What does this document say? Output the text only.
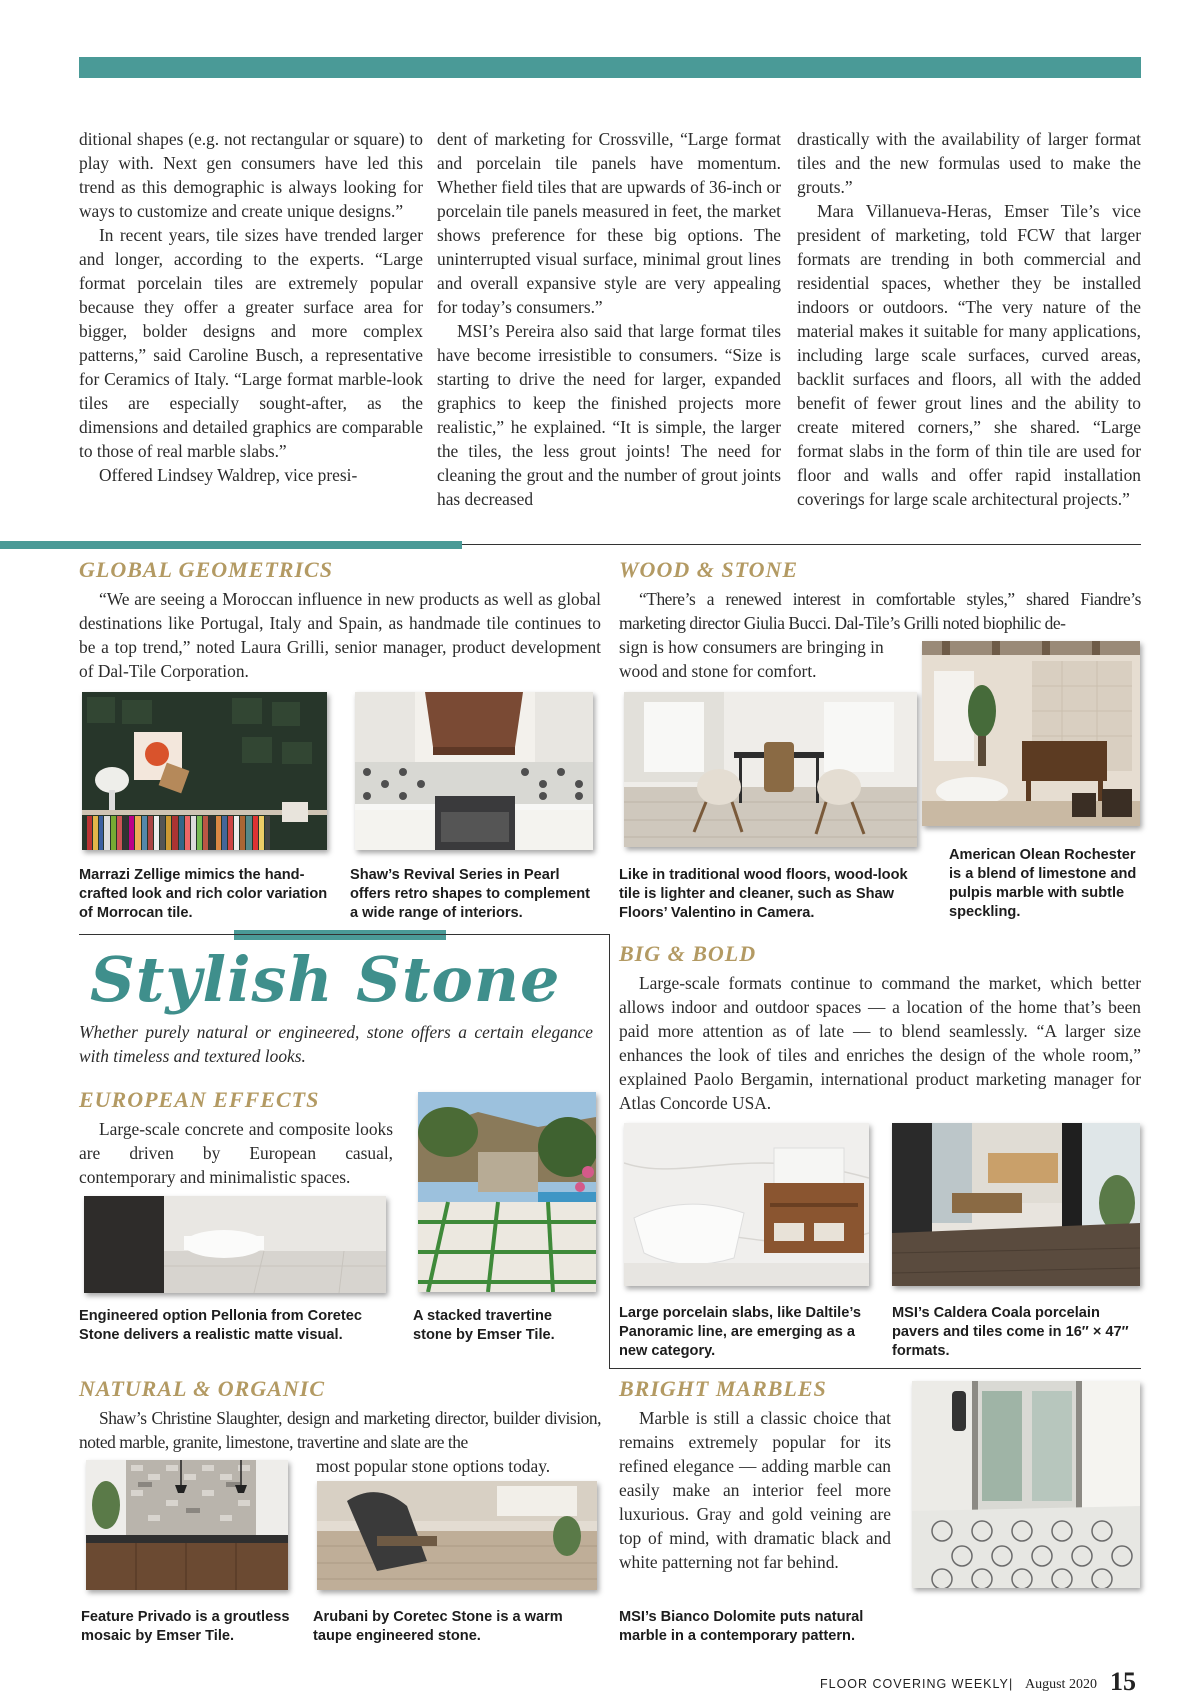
ditional shapes (e.g. not rectangular or square) to play with. Next gen consumers have led this trend as this demographic is always looking for ways to customize and create unique designs.”

In recent years, tile sizes have trended larger and longer, according to the experts. “Large format porcelain tiles are extremely popular because they offer a greater surface area for bigger, bolder designs and more complex patterns,” said Caroline Busch, a representative for Ceramics of Italy. “Large format marble-look tiles are especially sought-after, as the dimensions and detailed graphics are comparable to those of real marble slabs.”

Offered Lindsey Waldrep, vice presi-

dent of marketing for Crossville, “Large format and porcelain tile panels have momentum. Whether field tiles that are upwards of 36-inch or porcelain tile panels measured in feet, the market shows preference for these big options. The uninterrupted visual surface, minimal grout lines and overall expansive style are very appealing for today’s consumers.”

MSI’s Pereira also said that large format tiles have become irresistible to consumers. “Size is starting to drive the need for larger, expanded graphics to keep the finished projects more realistic,” he explained. “It is simple, the larger the tiles, the less grout joints! The need for cleaning the grout and the number of grout joints has decreased

drastically with the availability of larger format tiles and the new formulas used to make the grouts.”

Mara Villanueva-Heras, Emser Tile’s vice president of marketing, told FCW that larger formats are trending in both commercial and residential spaces, whether they be installed indoors or outdoors. “The very nature of the material makes it suitable for many applications, including large scale surfaces, curved areas, backlit surfaces and floors, all with the added benefit of fewer grout lines and the ability to create mitered corners,” she shared. “Large format slabs in the form of thin tile are used for floor and walls and offer rapid installation coverings for large scale architectural projects.”

GLOBAL GEOMETRICS

“We are seeing a Moroccan influence in new products as well as global destinations like Portugal, Italy and Spain, as handmade tile continues to be a top trend,” noted Laura Grilli, senior manager, product development of Dal-Tile Corporation.

Marrazi Zellige mimics the hand-crafted look and rich color variation of Morrocan tile.

Shaw’s Revival Series in Pearl offers retro shapes to complement a wide range of interiors.

WOOD & STONE

“There’s a renewed interest in comfortable styles,” shared Fiandre’s marketing director Giulia Bucci. Dal-Tile’s Grilli noted biophilic de-

sign is how consumers are bringing in wood and stone for comfort.

Like in traditional wood floors, wood-look tile is lighter and cleaner, such as Shaw Floors’ Valentino in Camera.

American Olean Rochester is a blend of limestone and pulpis marble with subtle speckling.

Stylish Stone

Whether purely natural or engineered, stone offers a certain elegance with timeless and textured looks.

EUROPEAN EFFECTS

Large-scale concrete and composite looks are driven by European casual, contemporary and minimalistic spaces.

Engineered option Pellonia from Coretec Stone delivers a realistic matte visual.

A stacked travertine stone by Emser Tile.

BIG & BOLD

Large-scale formats continue to command the market, which better allows indoor and outdoor spaces — a location of the home that’s been paid more attention as of late — to blend seamlessly. “A larger size enhances the look of tiles and enriches the design of the whole room,” explained Paolo Bergamin, international product marketing manager for Atlas Concorde USA.

Large porcelain slabs, like Daltile’s Panoramic line, are emerging as a new category.

MSI’s Caldera Coala porcelain pavers and tiles come in 16″ × 47″ formats.

NATURAL & ORGANIC

Shaw’s Christine Slaughter, design and marketing director, builder division, noted marble, granite, limestone, travertine and slate are the

most popular stone options today.

Feature Privado is a groutless mosaic by Emser Tile.

Arubani by Coretec Stone is a warm taupe engineered stone.

BRIGHT MARBLES

Marble is still a classic choice that remains extremely popular for its refined elegance — adding marble can easily make an interior feel more luxurious. Gray and gold veining are top of mind, with dramatic black and white patterning not far behind.

MSI’s Bianco Dolomite puts natural marble in a contemporary pattern.

FLOOR COVERING WEEKLY | August 2020 15
